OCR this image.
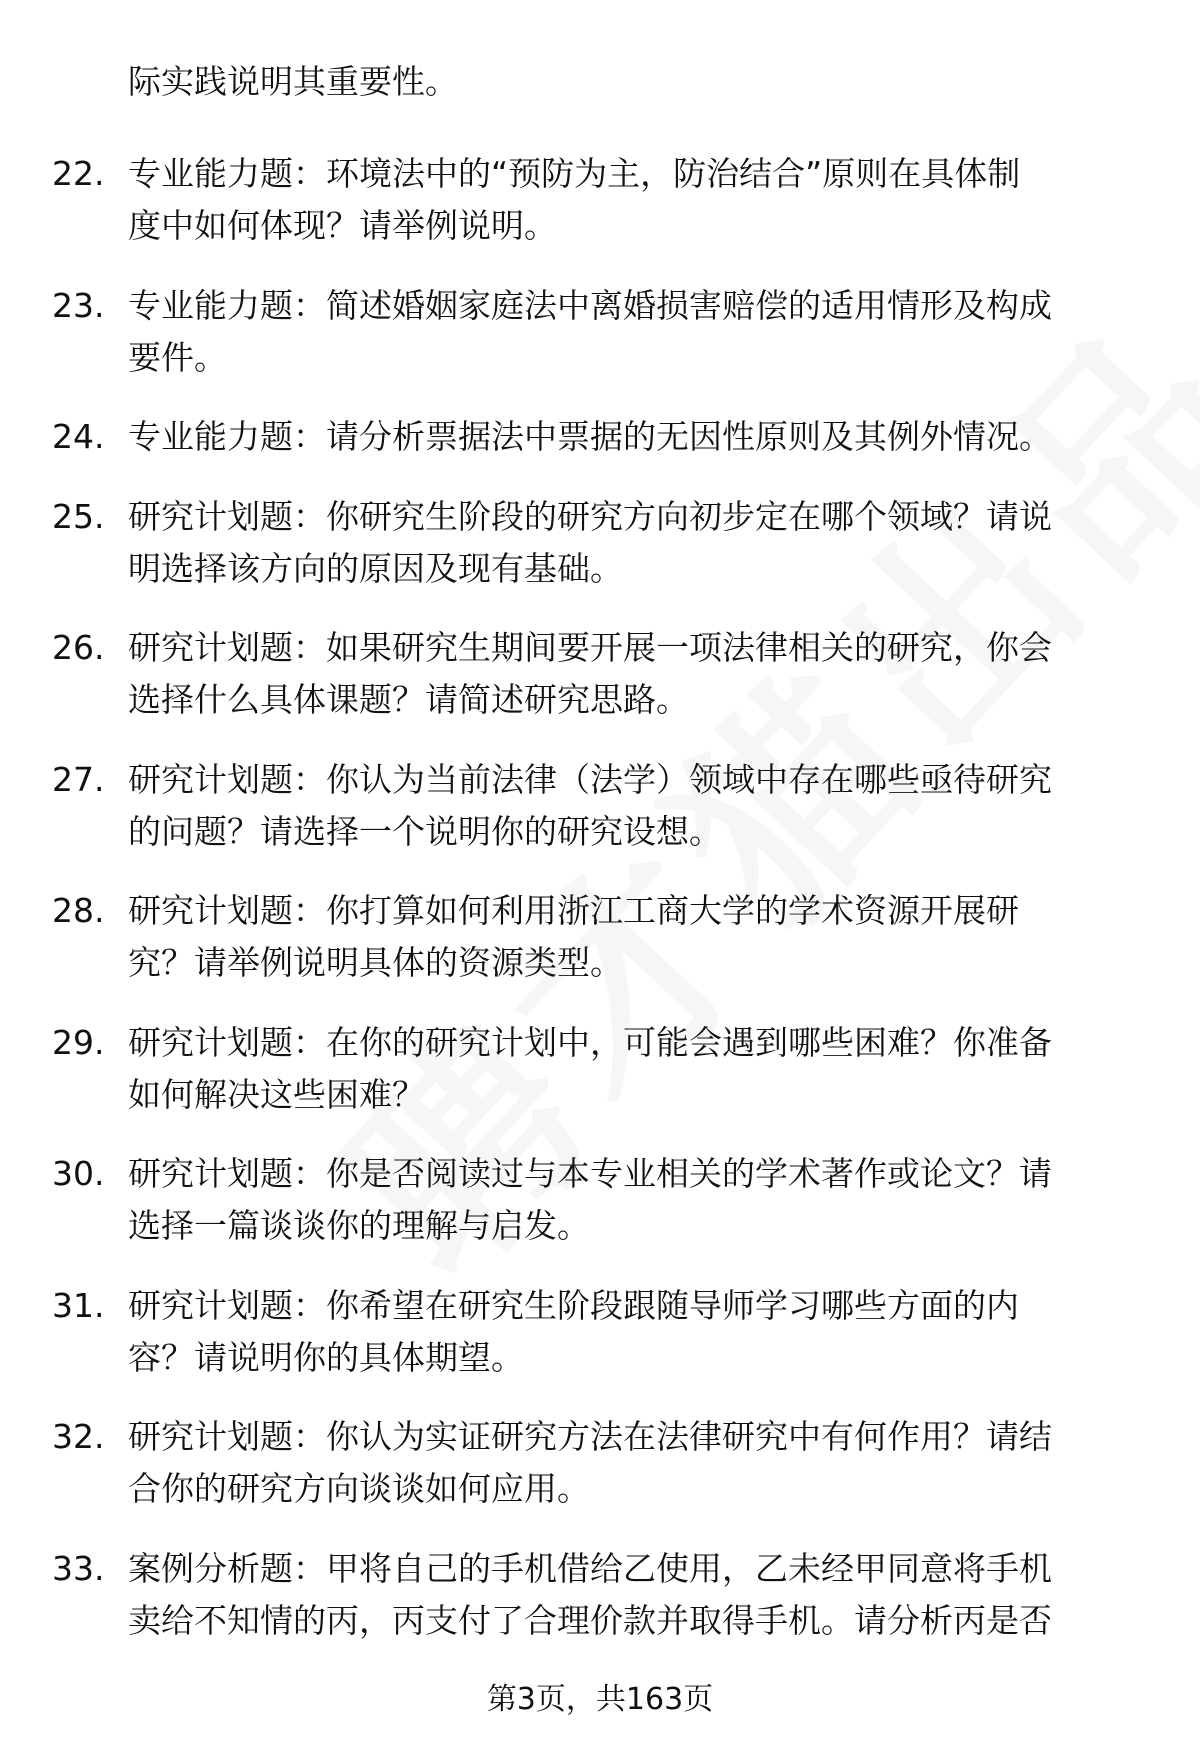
际实践说明其重要性。
22. 专业能力题：环境法中的“预防为主，防治结合”原则在具体制
度中如何体现？请举例说明。
23. 专业能力题：简述婚姻家庭法中离婚损害赔偿的适用情形及构成
要件。
24. 专业能力题：请分析票据法中票据的无因性原则及其例外情况。
25. 研究计划题：你研究生阶段的研究方向初步定在哪个领域？请说
明选择该方向的原因及现有基础。
26. 研究计划题：如果研究生期间要开展一项法律相关的研究，你会
选择什么具体课题？请简述研究思路。
27. 研究计划题：你认为当前法律（法学）领域中存在哪些亟待研究
的问题？请选择一个说明你的研究设想。
28. 研究计划题：你打算如何利用浙江工商大学的学术资源开展研
究？请举例说明具体的资源类型。
29. 研究计划题：在你的研究计划中，可能会遇到哪些困难？你准备
如何解决这些困难？
30. 研究计划题：你是否阅读过与本专业相关的学术著作或论文？请
选择一篇谈谈你的理解与启发。
31. 研究计划题：你希望在研究生阶段跟随导师学习哪些方面的内
容？请说明你的具体期望。
32. 研究计划题：你认为实证研究方法在法律研究中有何作用？请结
合你的研究方向谈谈如何应用。
33. 案例分析题：甲将自己的手机借给乙使用，乙未经甲同意将手机
卖给不知情的丙，丙支付了合理价款并取得手机。请分析丙是否
第3页，共163页
